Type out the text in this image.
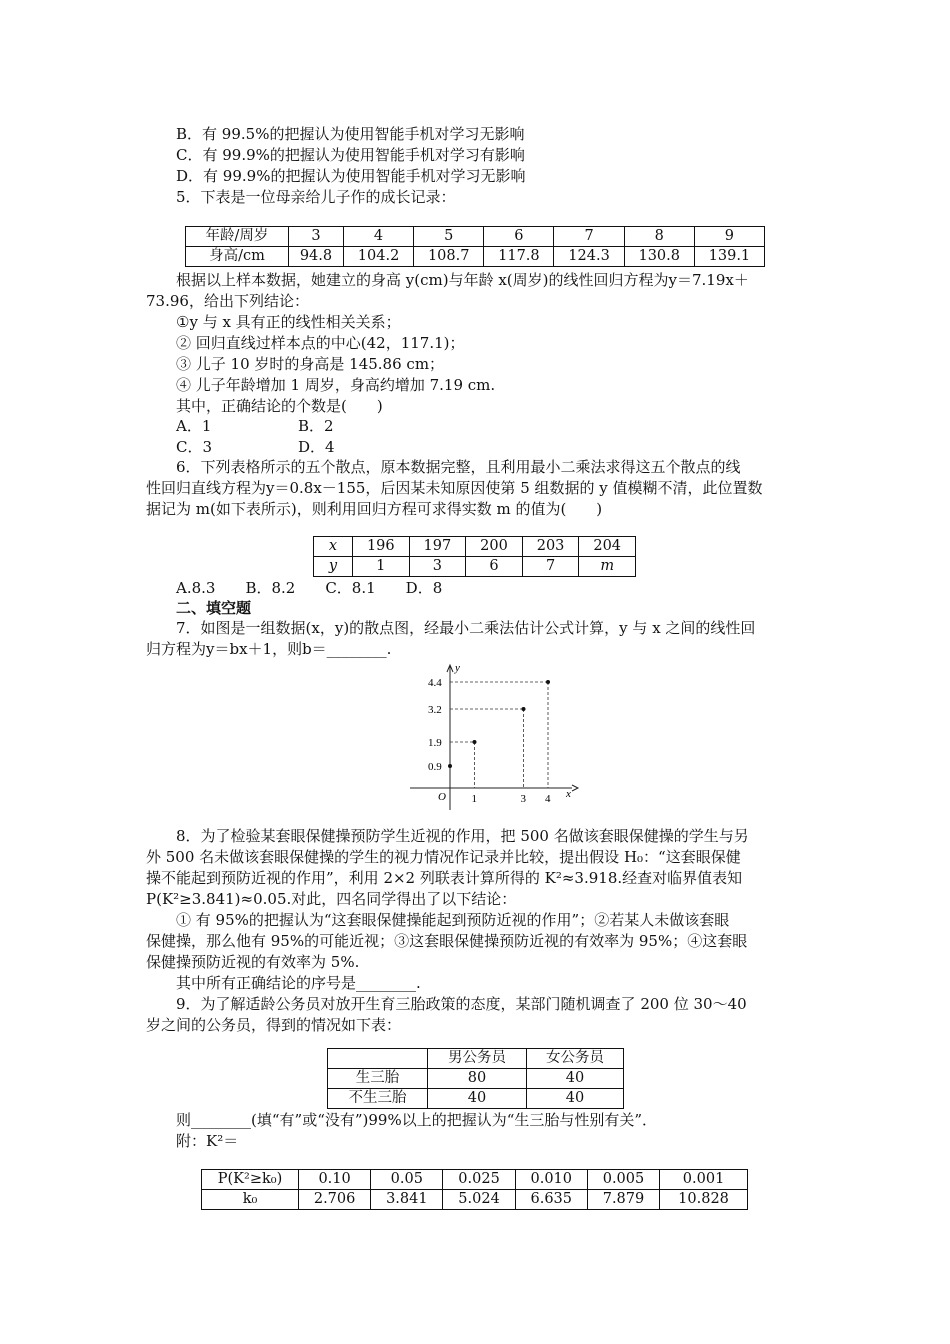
B．有 99.5%的把握认为使用智能手机对学习无影响
C．有 99.9%的把握认为使用智能手机对学习有影响
D．有 99.9%的把握认为使用智能手机对学习无影响
5．下表是一位母亲给儿子作的成长记录：
年龄/周岁	3	4	5	6	7	8	9
身高/cm	94.8	104.2	108.7	117.8	124.3	130.8	139.1
根据以上样本数据，她建立的身高 y(cm)与年龄 x(周岁)的线性回归方程为y＝7.19x＋
73.96，给出下列结论：
①y 与 x 具有正的线性相关关系；
② 回归直线过样本点的中心(42，117.1)；
③ 儿子 10 岁时的身高是 145.86 cm；
④ 儿子年龄增加 1 周岁，身高约增加 7.19 cm.
其中，正确结论的个数是(　　)
A．1	B．2
C．3	D．4
6．下列表格所示的五个散点，原本数据完整，且利用最小二乘法求得这五个散点的线
性回归直线方程为y＝0.8x－155，后因某未知原因使第 5 组数据的 y 值模糊不清，此位置数
据记为 m(如下表所示)，则利用回归方程可求得实数 m 的值为(　　)
x	196	197	200	203	204
y	1	3	6	7	m
A.8.3　　B．8.2　　C．8.1　　D．8
二、填空题
7．如图是一组数据(x，y)的散点图，经最小二乘法估计公式计算，y 与 x 之间的线性回
归方程为y＝bx＋1，则b＝________.
y
x
O
0.9
1.9
3.2
4.4
1	3 4
8．为了检验某套眼保健操预防学生近视的作用，把 500 名做该套眼保健操的学生与另
外 500 名未做该套眼保健操的学生的视力情况作记录并比较，提出假设 H₀：“这套眼保健
操不能起到预防近视的作用”，利用 2×2 列联表计算所得的 K²≈3.918.经查对临界值表知
P(K²≥3.841)≈0.05.对此，四名同学得出了以下结论：
① 有 95%的把握认为“这套眼保健操能起到预防近视的作用”；②若某人未做该套眼
保健操，那么他有 95%的可能近视；③这套眼保健操预防近视的有效率为 95%；④这套眼
保健操预防近视的有效率为 5%.
其中所有正确结论的序号是________.
9．为了解适龄公务员对放开生育三胎政策的态度，某部门随机调查了 200 位 30～40
岁之间的公务员，得到的情况如下表：
	男公务员	女公务员
生三胎	80	40
不生三胎	40	40
则________(填“有”或“没有”)99%以上的把握认为“生三胎与性别有关”．
附：K²＝
P(K²≥k₀)	0.10	0.05	0.025	0.010	0.005	0.001
k₀	2.706	3.841	5.024	6.635	7.879	10.828
